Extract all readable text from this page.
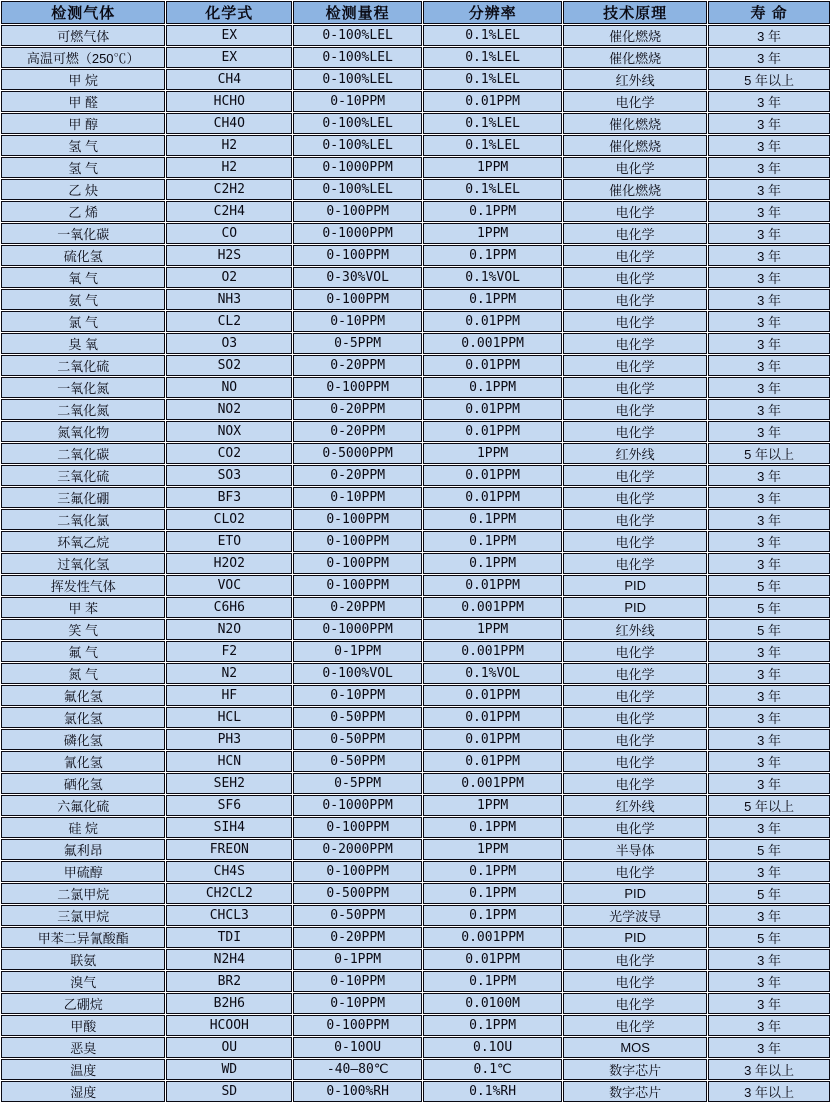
检测气体	化学式	检测量程	分辨率	技术原理	寿 命
可燃气体	EX	0-100%LEL	0.1%LEL	催化燃烧	3 年
高温可燃（250℃）	EX	0-100%LEL	0.1%LEL	催化燃烧	3 年
甲 烷	CH4	0-100%LEL	0.1%LEL	红外线	5 年以上
甲 醛	HCHO	0-10PPM	0.01PPM	电化学	3 年
甲 醇	CH4O	0-100%LEL	0.1%LEL	催化燃烧	3 年
氢 气	H2	0-100%LEL	0.1%LEL	催化燃烧	3 年
氢 气	H2	0-1000PPM	1PPM	电化学	3 年
乙 炔	C2H2	0-100%LEL	0.1%LEL	催化燃烧	3 年
乙 烯	C2H4	0-100PPM	0.1PPM	电化学	3 年
一氧化碳	CO	0-1000PPM	1PPM	电化学	3 年
硫化氢	H2S	0-100PPM	0.1PPM	电化学	3 年
氧 气	O2	0-30%VOL	0.1%VOL	电化学	3 年
氨 气	NH3	0-100PPM	0.1PPM	电化学	3 年
氯 气	CL2	0-10PPM	0.01PPM	电化学	3 年
臭 氧	O3	0-5PPM	0.001PPM	电化学	3 年
二氧化硫	SO2	0-20PPM	0.01PPM	电化学	3 年
一氧化氮	NO	0-100PPM	0.1PPM	电化学	3 年
二氧化氮	NO2	0-20PPM	0.01PPM	电化学	3 年
氮氧化物	NOX	0-20PPM	0.01PPM	电化学	3 年
二氧化碳	CO2	0-5000PPM	1PPM	红外线	5 年以上
三氧化硫	SO3	0-20PPM	0.01PPM	电化学	3 年
三氟化硼	BF3	0-10PPM	0.01PPM	电化学	3 年
二氧化氯	CLO2	0-100PPM	0.1PPM	电化学	3 年
环氧乙烷	ETO	0-100PPM	0.1PPM	电化学	3 年
过氧化氢	H2O2	0-100PPM	0.1PPM	电化学	3 年
挥发性气体	VOC	0-100PPM	0.01PPM	PID	5 年
甲 苯	C6H6	0-20PPM	0.001PPM	PID	5 年
笑 气	N2O	0-1000PPM	1PPM	红外线	5 年
氟 气	F2	0-1PPM	0.001PPM	电化学	3 年
氮 气	N2	0-100%VOL	0.1%VOL	电化学	3 年
氟化氢	HF	0-10PPM	0.01PPM	电化学	3 年
氯化氢	HCL	0-50PPM	0.01PPM	电化学	3 年
磷化氢	PH3	0-50PPM	0.01PPM	电化学	3 年
氰化氢	HCN	0-50PPM	0.01PPM	电化学	3 年
硒化氢	SEH2	0-5PPM	0.001PPM	电化学	3 年
六氟化硫	SF6	0-1000PPM	1PPM	红外线	5 年以上
硅 烷	SIH4	0-100PPM	0.1PPM	电化学	3 年
氟利昂	FREON	0-2000PPM	1PPM	半导体	5 年
甲硫醇	CH4S	0-100PPM	0.1PPM	电化学	3 年
二氯甲烷	CH2CL2	0-500PPM	0.1PPM	PID	5 年
三氯甲烷	CHCL3	0-50PPM	0.1PPM	光学波导	3 年
甲苯二异氰酸酯	TDI	0-20PPM	0.001PPM	PID	5 年
联氨	N2H4	0-1PPM	0.01PPM	电化学	3 年
溴气	BR2	0-10PPM	0.1PPM	电化学	3 年
乙硼烷	B2H6	0-10PPM	0.0100M	电化学	3 年
甲酸	HCOOH	0-100PPM	0.1PPM	电化学	3 年
恶臭	OU	0-10OU	0.1OU	MOS	3 年
温度	WD	-40—80℃	0.1℃	数字芯片	3 年以上
湿度	SD	0-100%RH	0.1%RH	数字芯片	3 年以上
